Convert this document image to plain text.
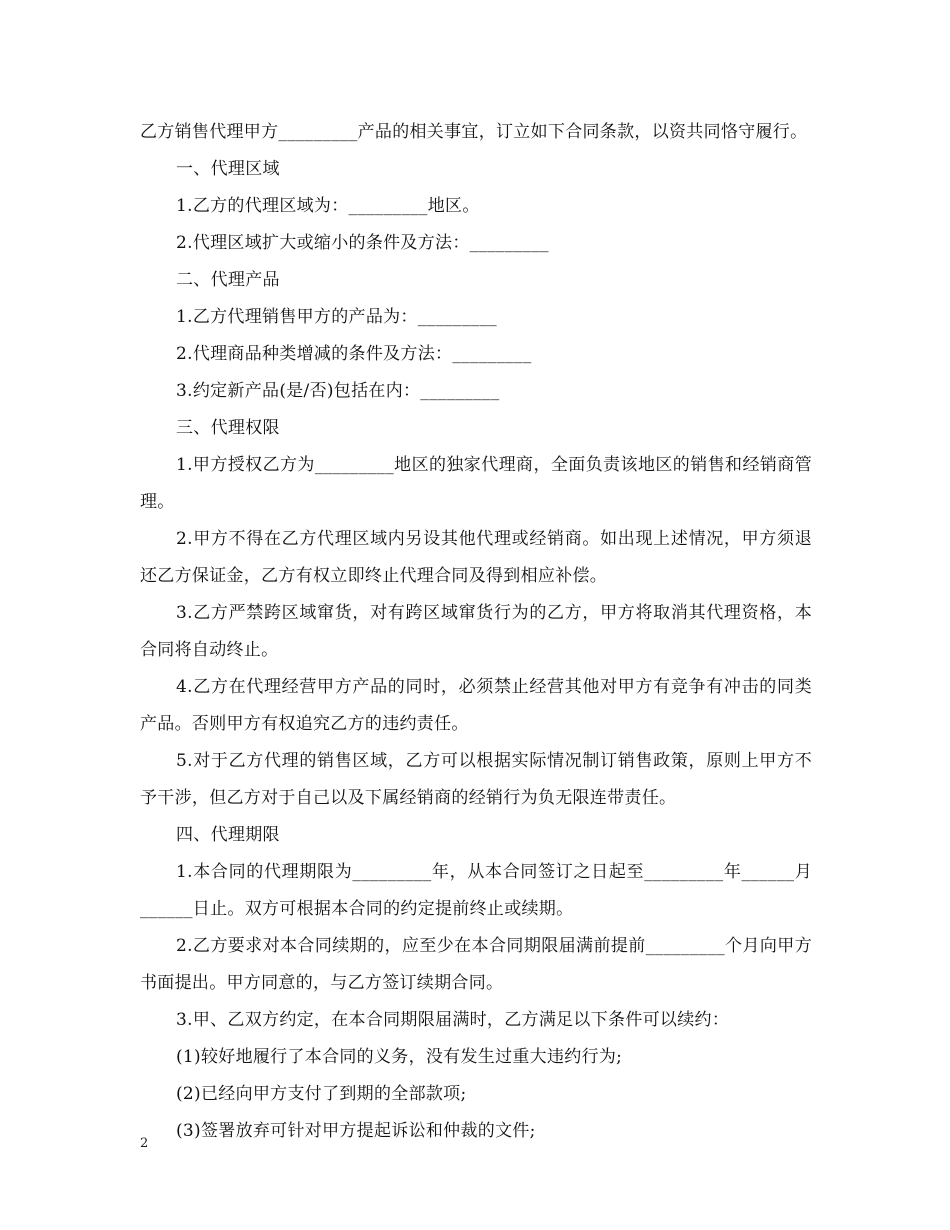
乙方销售代理甲方_________产品的相关事宜，订立如下合同条款，以资共同恪守履行。

一、代理区域

1.乙方的代理区域为：_________地区。

2.代理区域扩大或缩小的条件及方法：_________

二、代理产品

1.乙方代理销售甲方的产品为：_________

2.代理商品种类增减的条件及方法：_________

3.约定新产品(是/否)包括在内：_________

三、代理权限

1.甲方授权乙方为_________地区的独家代理商，全面负责该地区的销售和经销商管理。

2.甲方不得在乙方代理区域内另设其他代理或经销商。如出现上述情况，甲方须退还乙方保证金，乙方有权立即终止代理合同及得到相应补偿。

3.乙方严禁跨区域窜货，对有跨区域窜货行为的乙方，甲方将取消其代理资格，本合同将自动终止。

4.乙方在代理经营甲方产品的同时，必须禁止经营其他对甲方有竞争有冲击的同类产品。否则甲方有权追究乙方的违约责任。

5.对于乙方代理的销售区域，乙方可以根据实际情况制订销售政策，原则上甲方不予干涉，但乙方对于自己以及下属经销商的经销行为负无限连带责任。

四、代理期限

1.本合同的代理期限为_________年，从本合同签订之日起至_________年______月______日止。双方可根据本合同的约定提前终止或续期。

2.乙方要求对本合同续期的，应至少在本合同期限届满前提前_________个月向甲方书面提出。甲方同意的，与乙方签订续期合同。

3.甲、乙双方约定，在本合同期限届满时，乙方满足以下条件可以续约：

(1)较好地履行了本合同的义务，没有发生过重大违约行为;

(2)已经向甲方支付了到期的全部款项;

(3)签署放弃可针对甲方提起诉讼和仲裁的文件;

2
